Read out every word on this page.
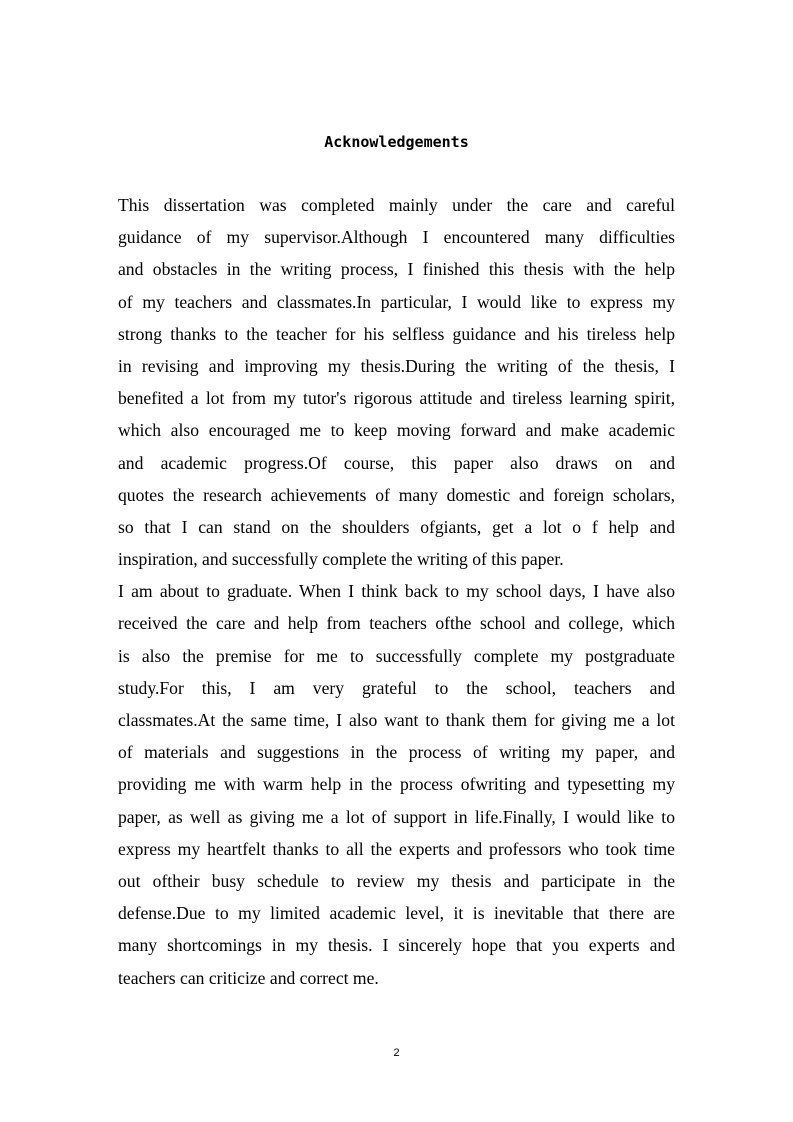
Acknowledgements
This dissertation was completed mainly under the care and careful
guidance of my supervisor.Although I encountered many difficulties
and obstacles in the writing process, I finished this thesis with the help
of my teachers and classmates.In particular, I would like to express my
strong thanks to the teacher for his selfless guidance and his tireless help
in revising and improving my thesis.During the writing of the thesis, I
benefited a lot from my tutor's rigorous attitude and tireless learning spirit,
which also encouraged me to keep moving forward and make academic
and academic progress.Of course, this paper also draws on and
quotes the research achievements of many domestic and foreign scholars,
so that I can stand on the shoulders ofgiants, get a lot o f help and
inspiration, and successfully complete the writing of this paper.
I am about to graduate. When I think back to my school days, I have also
received the care and help from teachers ofthe school and college, which
is also the premise for me to successfully complete my postgraduate
study.For this, I am very grateful to the school, teachers and
classmates.At the same time, I also want to thank them for giving me a lot
of materials and suggestions in the process of writing my paper, and
providing me with warm help in the process ofwriting and typesetting my
paper, as well as giving me a lot of support in life.Finally, I would like to
express my heartfelt thanks to all the experts and professors who took time
out oftheir busy schedule to review my thesis and participate in the
defense.Due to my limited academic level, it is inevitable that there are
many shortcomings in my thesis. I sincerely hope that you experts and
teachers can criticize and correct me.
2
